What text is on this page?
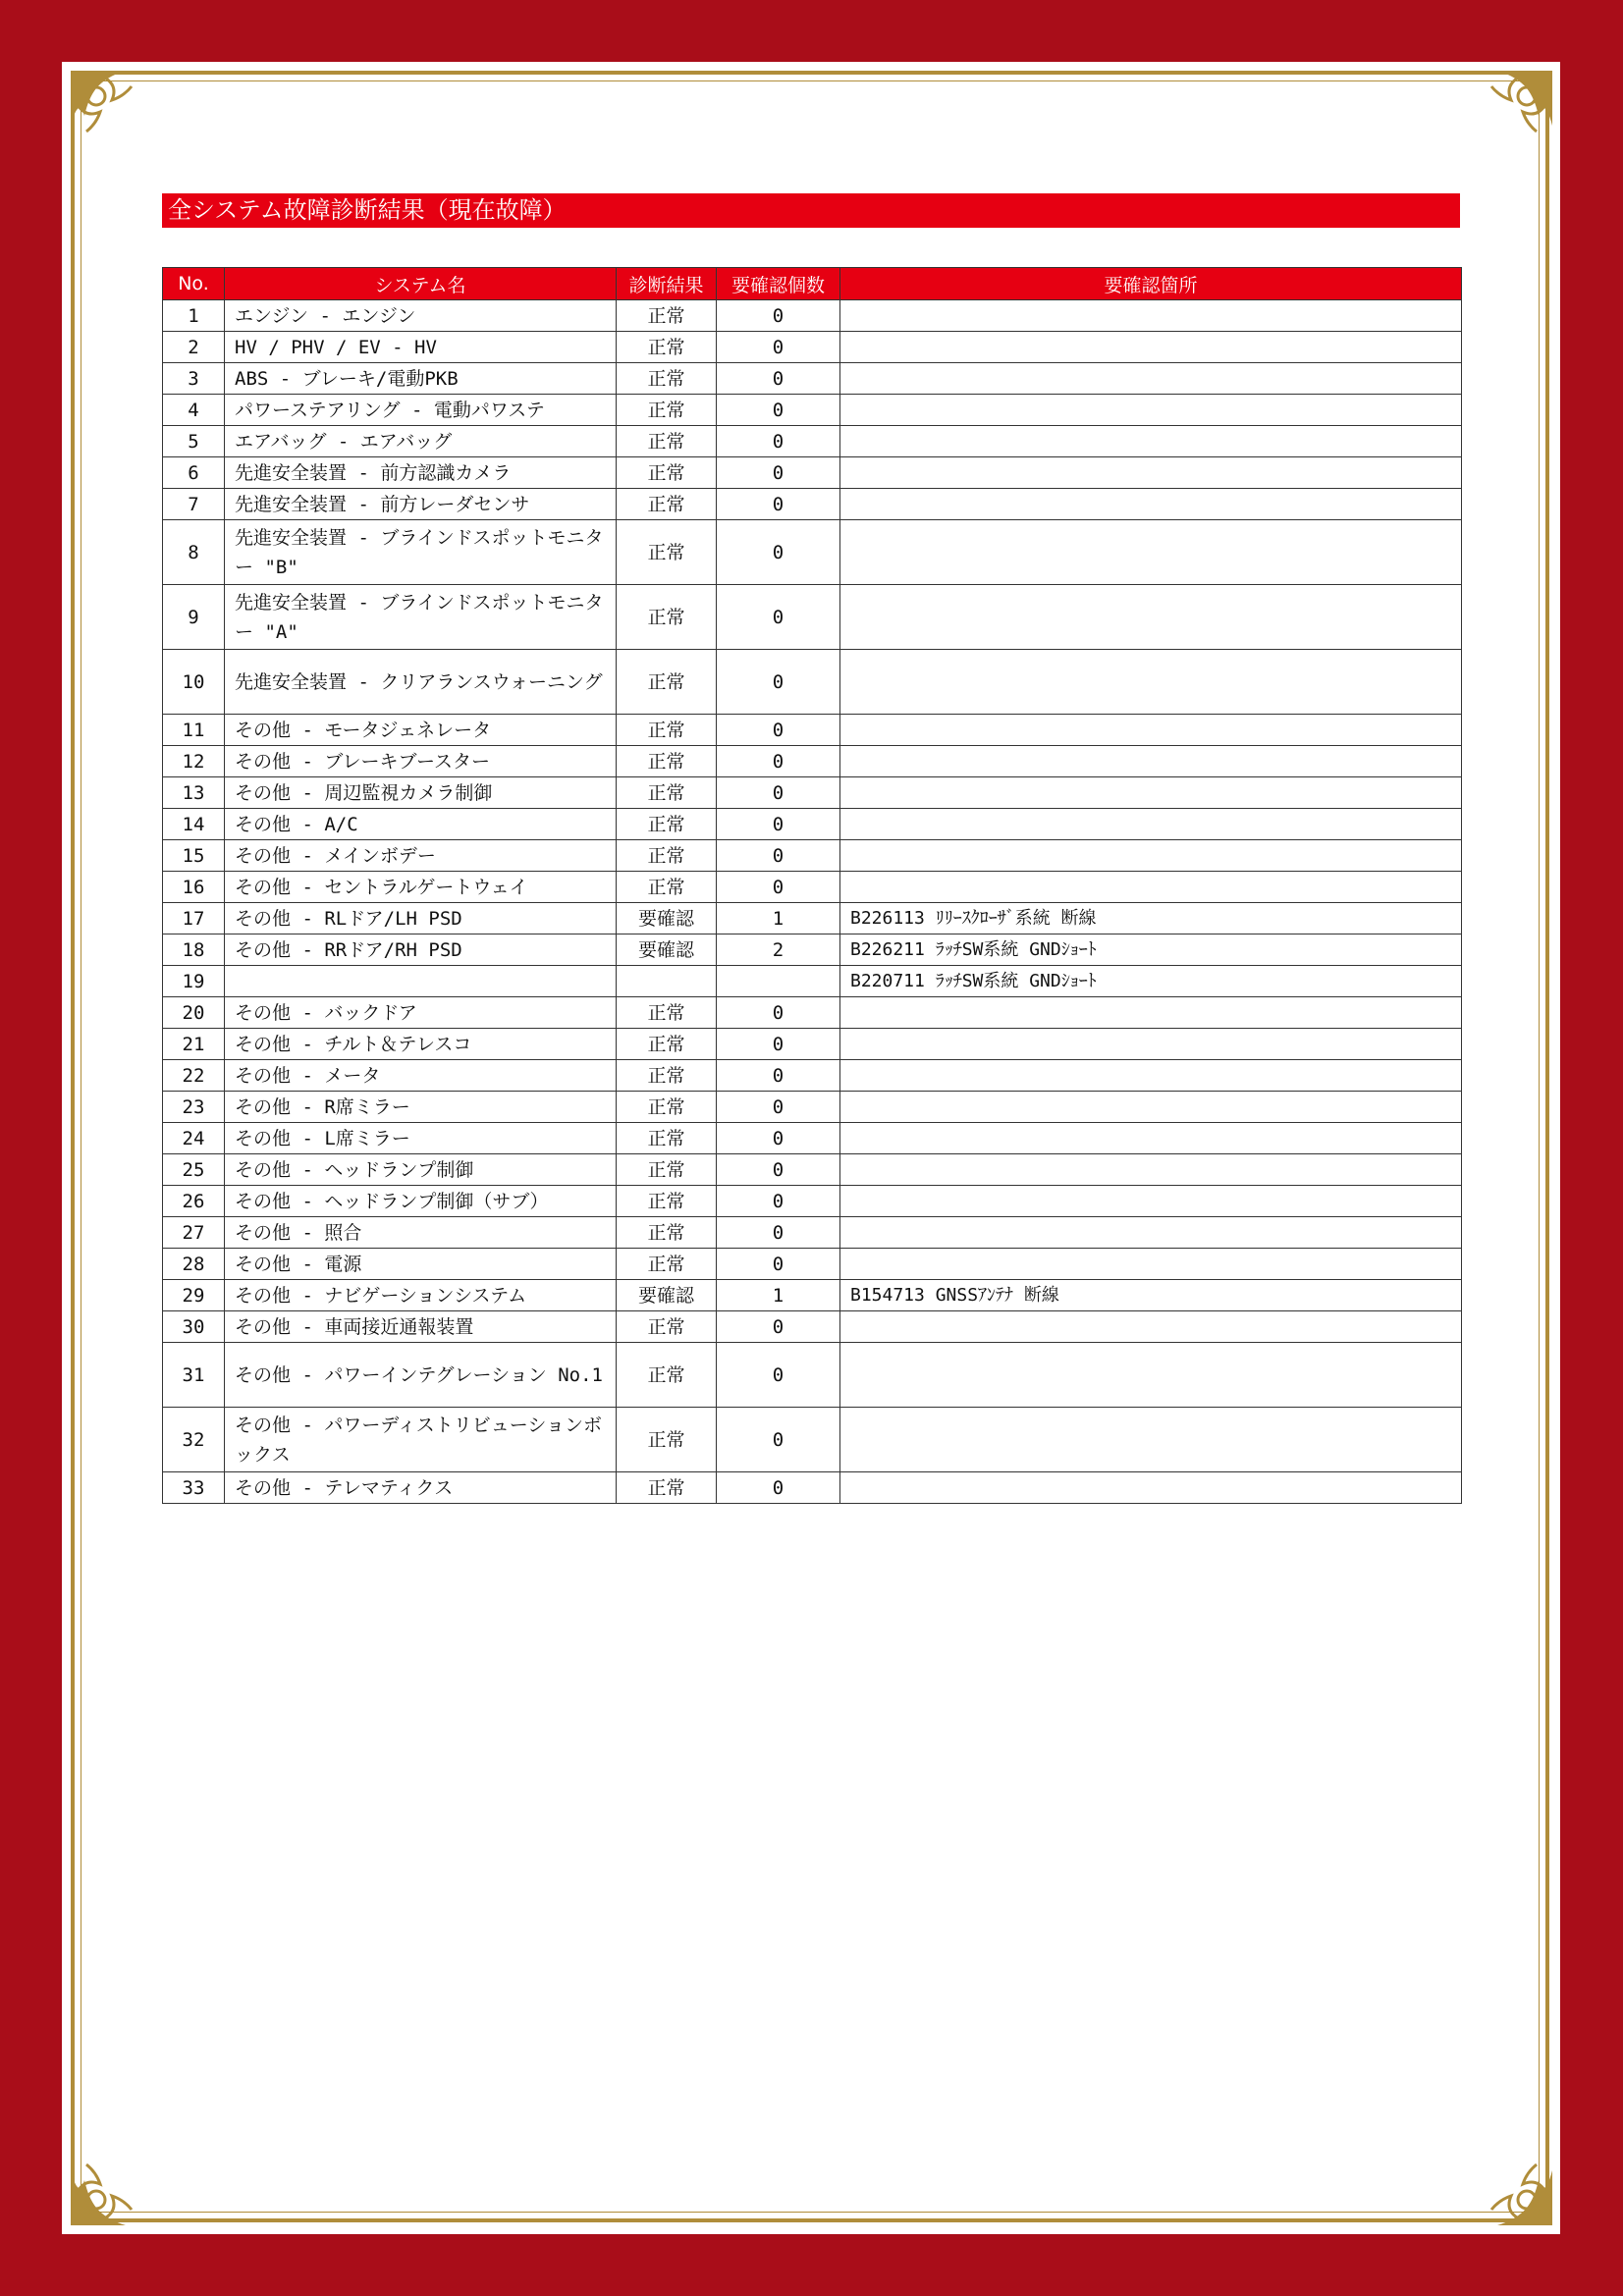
全システム故障診断結果（現在故障）
No.	システム名	診断結果	要確認個数	要確認箇所
1	エンジン - エンジン	正常	0	
2	HV / PHV / EV - HV	正常	0	
3	ABS - ブレーキ/電動PKB	正常	0	
4	パワーステアリング - 電動パワステ	正常	0	
5	エアバッグ - エアバッグ	正常	0	
6	先進安全装置 - 前方認識カメラ	正常	0	
7	先進安全装置 - 前方レーダセンサ	正常	0	
8	先進安全装置 - ブラインドスポットモニター "B"	正常	0	
9	先進安全装置 - ブラインドスポットモニター "A"	正常	0	
10	先進安全装置 - クリアランスウォーニング	正常	0	
11	その他 - モータジェネレータ	正常	0	
12	その他 - ブレーキブースター	正常	0	
13	その他 - 周辺監視カメラ制御	正常	0	
14	その他 - A/C	正常	0	
15	その他 - メインボデー	正常	0	
16	その他 - セントラルゲートウェイ	正常	0	
17	その他 - RLドア/LH PSD	要確認	1	B226113 ﾘﾘｰｽｸﾛｰｻﾞ系統 断線
18	その他 - RRドア/RH PSD	要確認	2	B226211 ﾗｯﾁSW系統 GNDｼｮｰﾄ
19				B220711 ﾗｯﾁSW系統 GNDｼｮｰﾄ
20	その他 - バックドア	正常	0	
21	その他 - チルト＆テレスコ	正常	0	
22	その他 - メータ	正常	0	
23	その他 - R席ミラー	正常	0	
24	その他 - L席ミラー	正常	0	
25	その他 - ヘッドランプ制御	正常	0	
26	その他 - ヘッドランプ制御（サブ）	正常	0	
27	その他 - 照合	正常	0	
28	その他 - 電源	正常	0	
29	その他 - ナビゲーションシステム	要確認	1	B154713 GNSSｱﾝﾃﾅ 断線
30	その他 - 車両接近通報装置	正常	0	
31	その他 - パワーインテグレーション No.1	正常	0	
32	その他 - パワーディストリビューションボックス	正常	0	
33	その他 - テレマティクス	正常	0	
